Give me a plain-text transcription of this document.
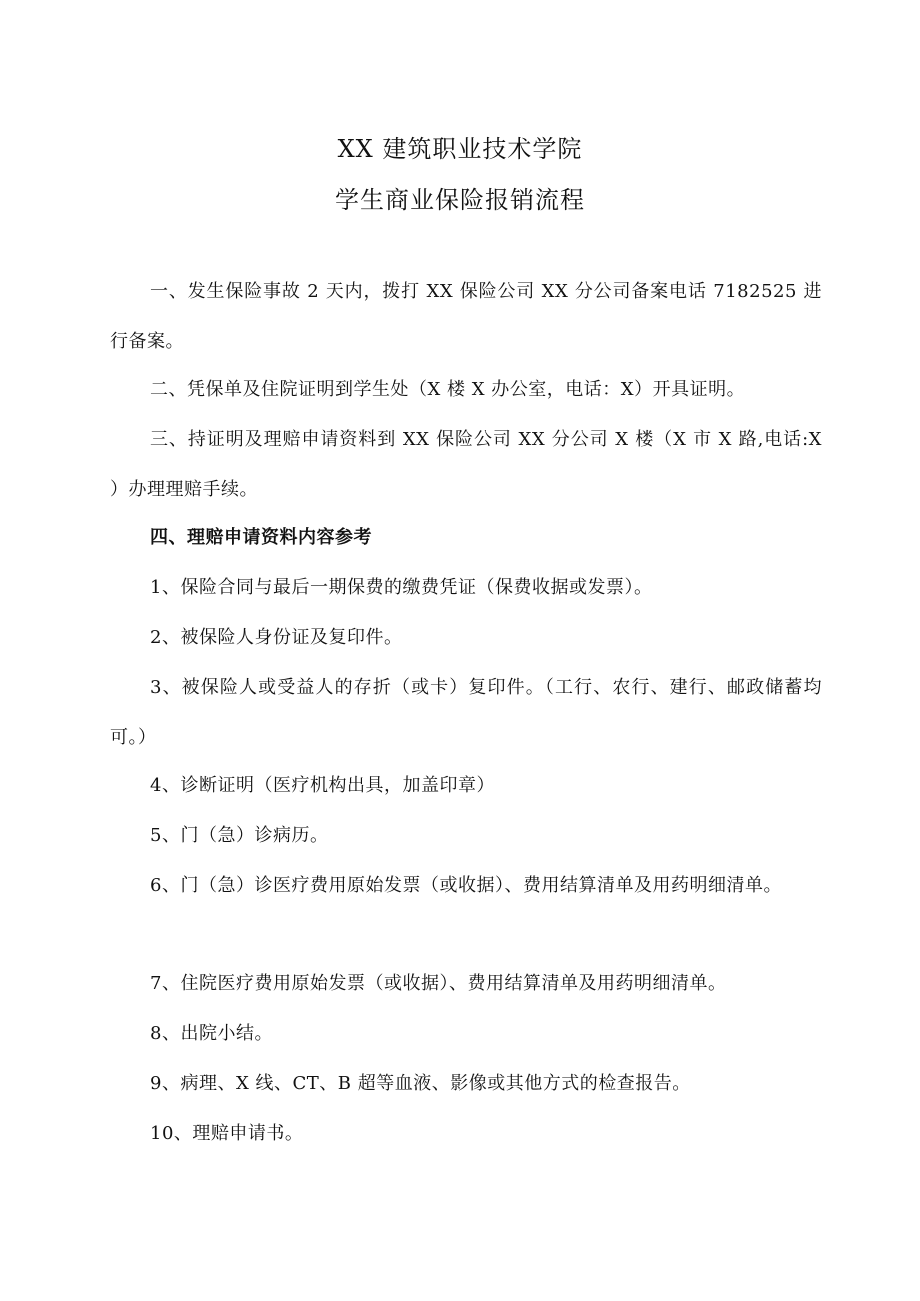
XX 建筑职业技术学院
学生商业保险报销流程
一、发生保险事故 2 天内，拨打 XX 保险公司 XX 分公司备案电话 7182525 进行备案。
二、凭保单及住院证明到学生处（X 楼 X 办公室，电话：X）开具证明。
三、持证明及理赔申请资料到 XX 保险公司 XX 分公司 X 楼（X 市 X 路,电话:X ）办理理赔手续。
四、理赔申请资料内容参考
1、保险合同与最后一期保费的缴费凭证（保费收据或发票）。
2、被保险人身份证及复印件。
3、被保险人或受益人的存折（或卡）复印件。（工行、农行、建行、邮政储蓄均可。）
4、诊断证明（医疗机构出具，加盖印章）
5、门（急）诊病历。
6、门（急）诊医疗费用原始发票（或收据）、费用结算清单及用药明细清单。
7、住院医疗费用原始发票（或收据）、费用结算清单及用药明细清单。
8、出院小结。
9、病理、X 线、CT、B 超等血液、影像或其他方式的检查报告。
10、理赔申请书。
